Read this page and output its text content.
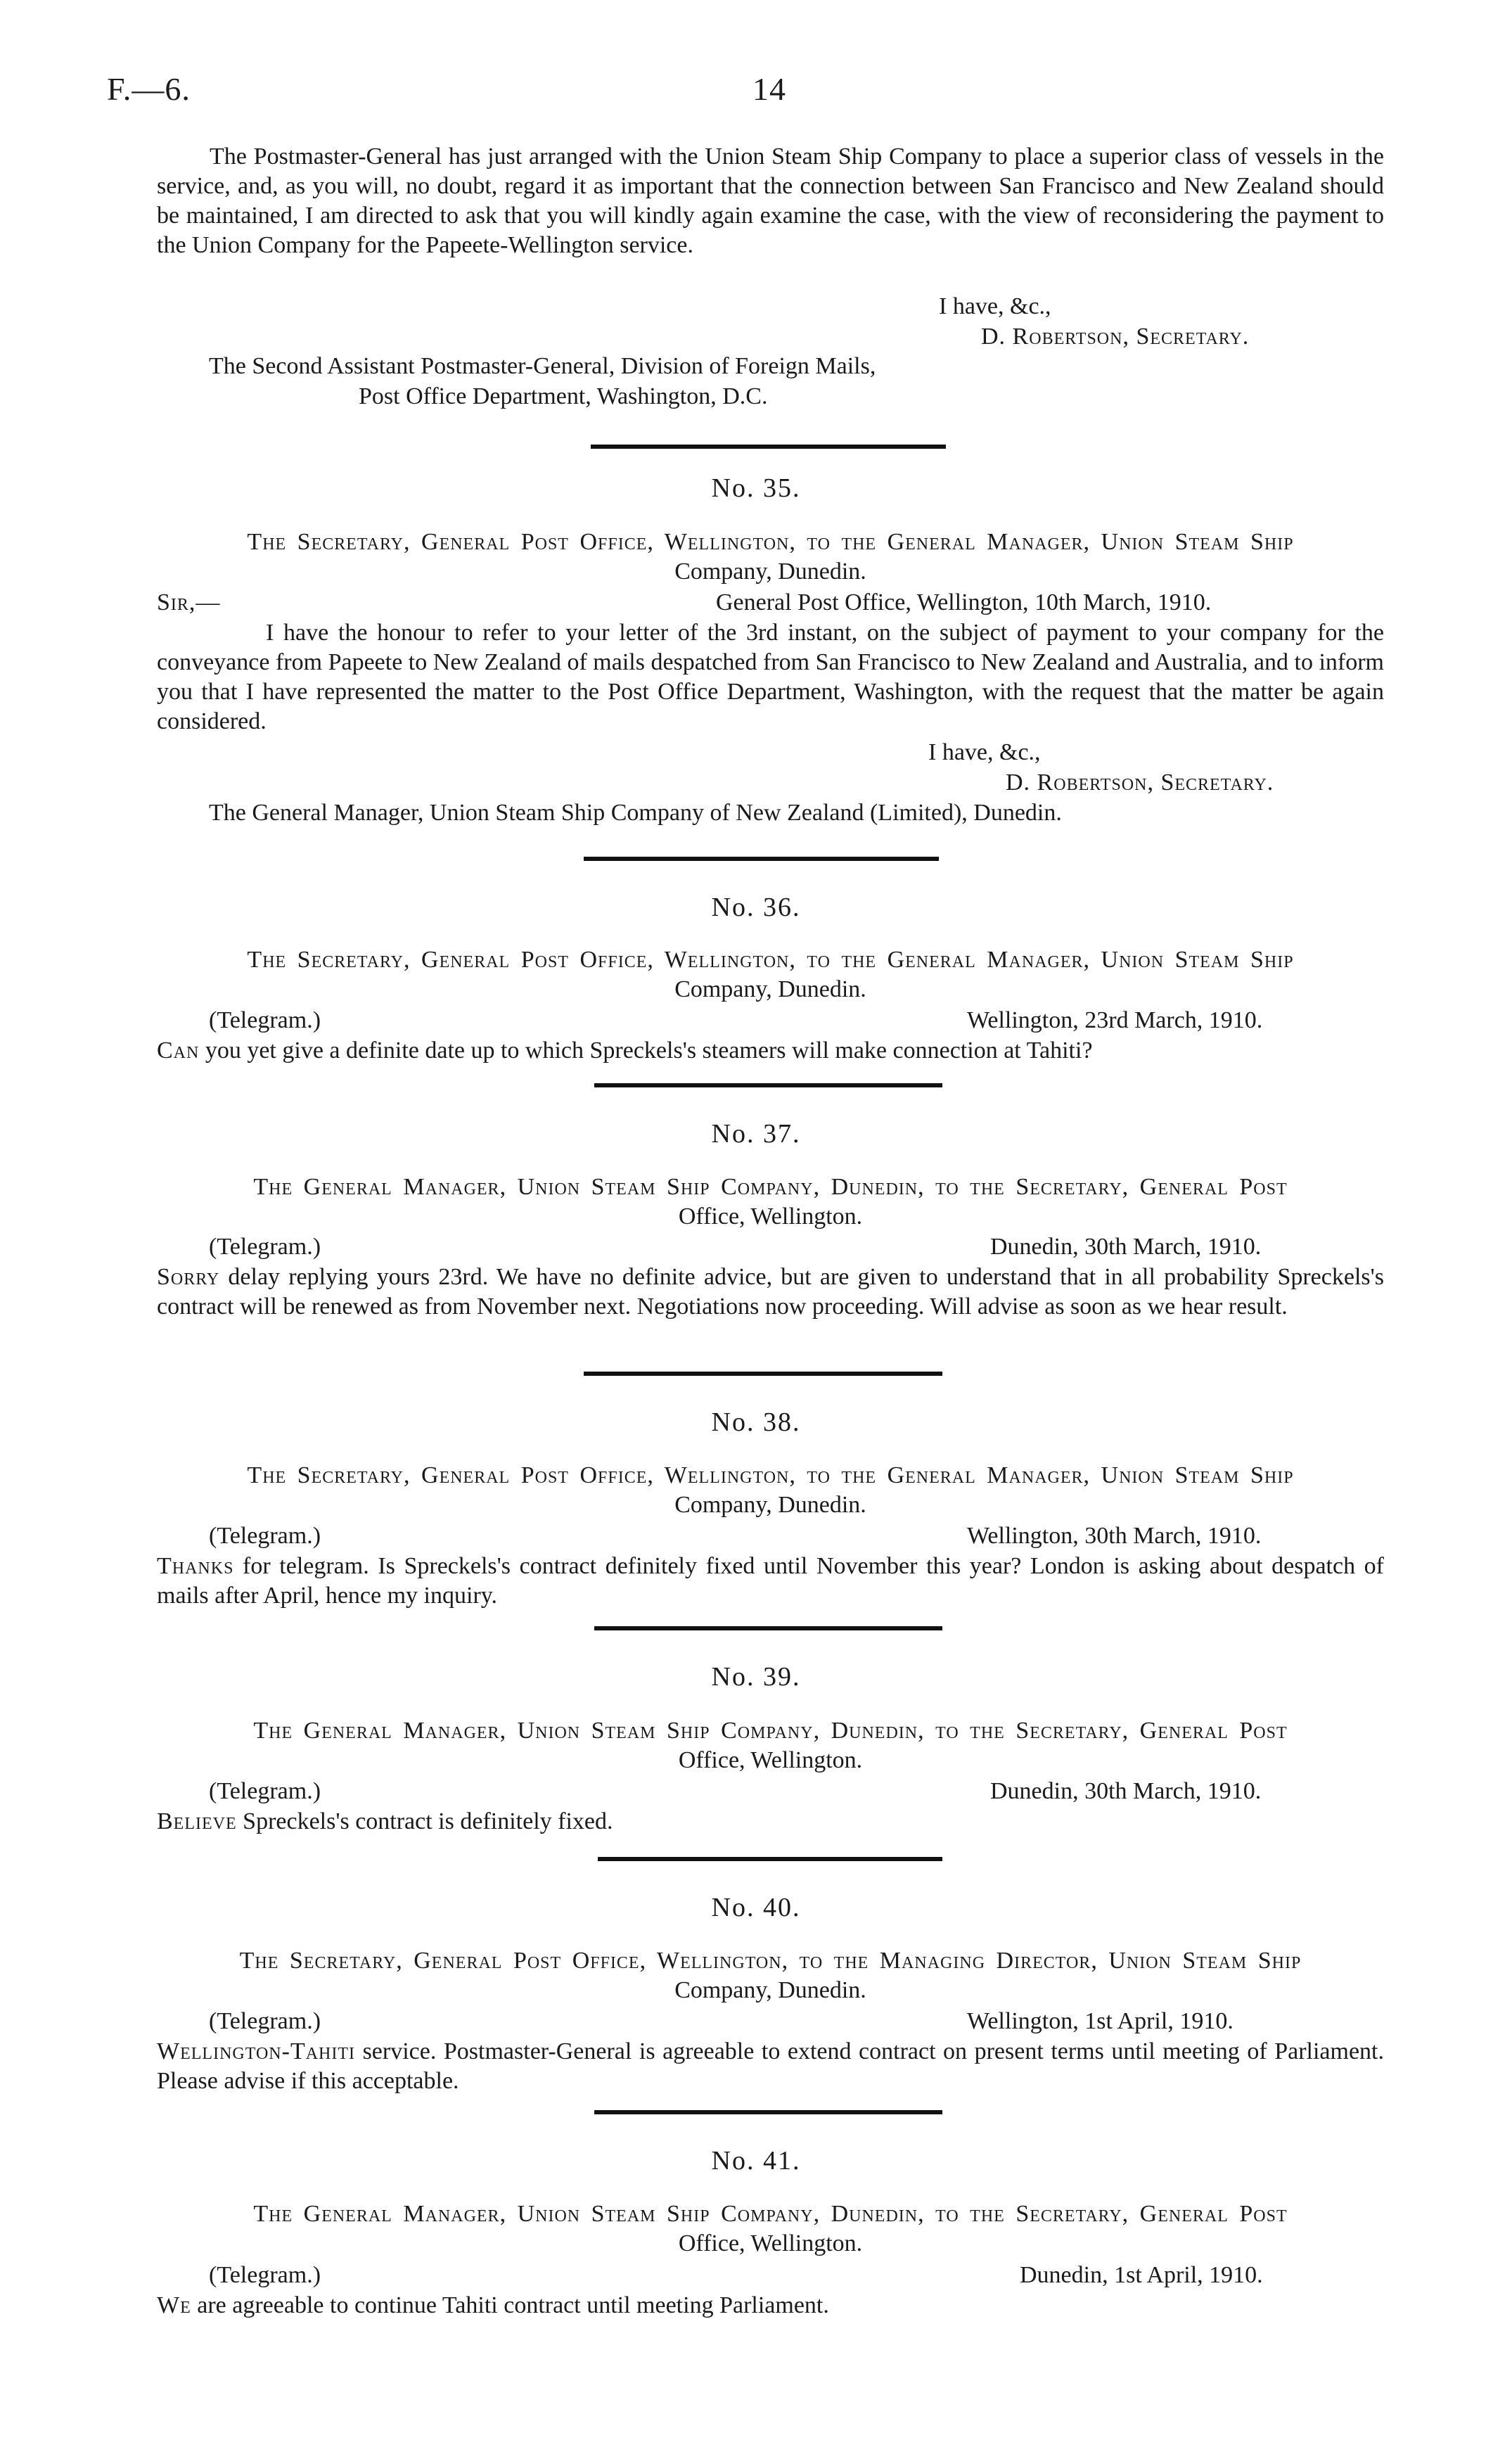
F.—6.	14
The Postmaster-General has just arranged with the Union Steam Ship Company to place a superior class of vessels in the service, and, as you will, no doubt, regard it as important that the connection between San Francisco and New Zealand should be maintained, I am directed to ask that you will kindly again examine the case, with the view of reconsidering the payment to the Union Company for the Papeete-Wellington service.
I have, &c.,
D. Robertson, Secretary.
The Second Assistant Postmaster-General, Division of Foreign Mails,
Post Office Department, Washington, D.C.
No. 35.
The Secretary, General Post Office, Wellington, to the General Manager, Union Steam Ship
Company, Dunedin.
Sir,—	General Post Office, Wellington, 10th March, 1910.
I have the honour to refer to your letter of the 3rd instant, on the subject of payment to your company for the conveyance from Papeete to New Zealand of mails despatched from San Francisco to New Zealand and Australia, and to inform you that I have represented the matter to the Post Office Department, Washington, with the request that the matter be again considered.
I have, &c.,
D. Robertson, Secretary.
The General Manager, Union Steam Ship Company of New Zealand (Limited), Dunedin.
No. 36.
The Secretary, General Post Office, Wellington, to the General Manager, Union Steam Ship
Company, Dunedin.
(Telegram.)	Wellington, 23rd March, 1910.
Can you yet give a definite date up to which Spreckels's steamers will make connection at Tahiti?
No. 37.
The General Manager, Union Steam Ship Company, Dunedin, to the Secretary, General Post
Office, Wellington.
(Telegram.)	Dunedin, 30th March, 1910.
Sorry delay replying yours 23rd. We have no definite advice, but are given to understand that in all probability Spreckels's contract will be renewed as from November next. Negotiations now proceeding. Will advise as soon as we hear result.
No. 38.
The Secretary, General Post Office, Wellington, to the General Manager, Union Steam Ship
Company, Dunedin.
(Telegram.)	Wellington, 30th March, 1910.
Thanks for telegram. Is Spreckels's contract definitely fixed until November this year? London is asking about despatch of mails after April, hence my inquiry.
No. 39.
The General Manager, Union Steam Ship Company, Dunedin, to the Secretary, General Post
Office, Wellington.
(Telegram.)	Dunedin, 30th March, 1910.
Believe Spreckels's contract is definitely fixed.
No. 40.
The Secretary, General Post Office, Wellington, to the Managing Director, Union Steam Ship
Company, Dunedin.
(Telegram.)	Wellington, 1st April, 1910.
Wellington-Tahiti service. Postmaster-General is agreeable to extend contract on present terms until meeting of Parliament. Please advise if this acceptable.
No. 41.
The General Manager, Union Steam Ship Company, Dunedin, to the Secretary, General Post
Office, Wellington.
(Telegram.)	Dunedin, 1st April, 1910.
We are agreeable to continue Tahiti contract until meeting Parliament.
